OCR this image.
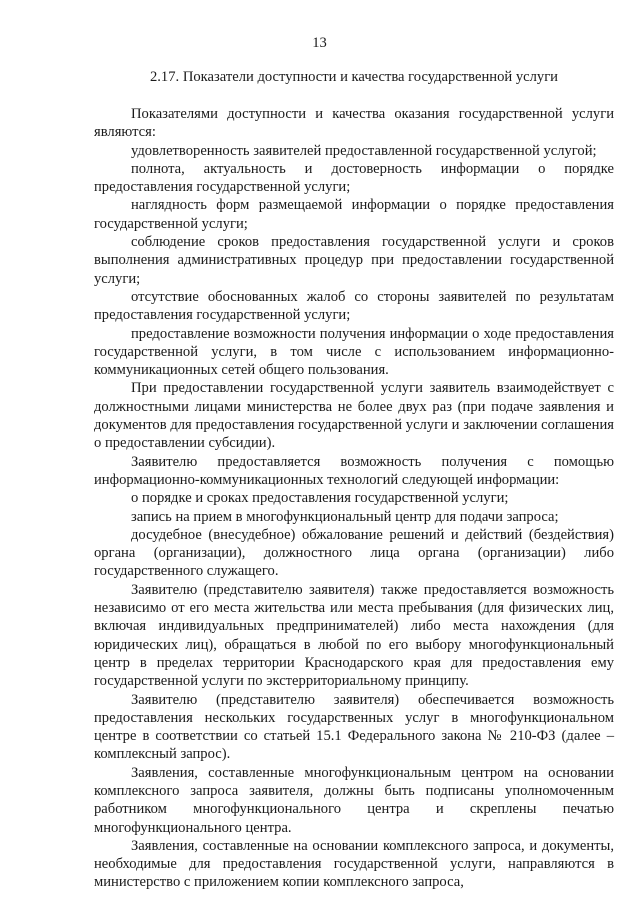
13
2.17. Показатели доступности и качества государственной услуги

Показателями доступности и качества оказания государственной услуги являются:

удовлетворенность заявителей предоставленной государственной услугой;

полнота, актуальность и достоверность информации о порядке предоставления государственной услуги;

наглядность форм размещаемой информации о порядке предоставления государственной услуги;

соблюдение сроков предоставления государственной услуги и сроков выполнения административных процедур при предоставлении государственной услуги;

отсутствие обоснованных жалоб со стороны заявителей по результатам предоставления государственной услуги;

предоставление возможности получения информации о ходе предоставления государственной услуги, в том числе с использованием информационно-коммуникационных сетей общего пользования.

При предоставлении государственной услуги заявитель взаимодействует с должностными лицами министерства не более двух раз (при подаче заявления и документов для предоставления государственной услуги и заключении соглашения о предоставлении субсидии).

Заявителю предоставляется возможность получения с помощью информационно-коммуникационных технологий следующей информации:

о порядке и сроках предоставления государственной услуги;

запись на прием в многофункциональный центр для подачи запроса;

досудебное (внесудебное) обжалование решений и действий (бездействия) органа (организации), должностного лица органа (организации) либо государственного служащего.

Заявителю (представителю заявителя) также предоставляется возможность независимо от его места жительства или места пребывания (для физических лиц, включая индивидуальных предпринимателей) либо места нахождения (для юридических лиц), обращаться в любой по его выбору многофункциональный центр в пределах территории Краснодарского края для предоставления ему государственной услуги по экстерриториальному принципу.

Заявителю (представителю заявителя) обеспечивается возможность предоставления нескольких государственных услуг в многофункциональном центре в соответствии со статьей 15.1 Федерального закона № 210-ФЗ (далее – комплексный запрос).

Заявления, составленные многофункциональным центром на основании комплексного запроса заявителя, должны быть подписаны уполномоченным работником многофункционального центра и скреплены печатью многофункционального центра.

Заявления, составленные на основании комплексного запроса, и документы, необходимые для предоставления государственной услуги, направляются в министерство с приложением копии комплексного запроса,
